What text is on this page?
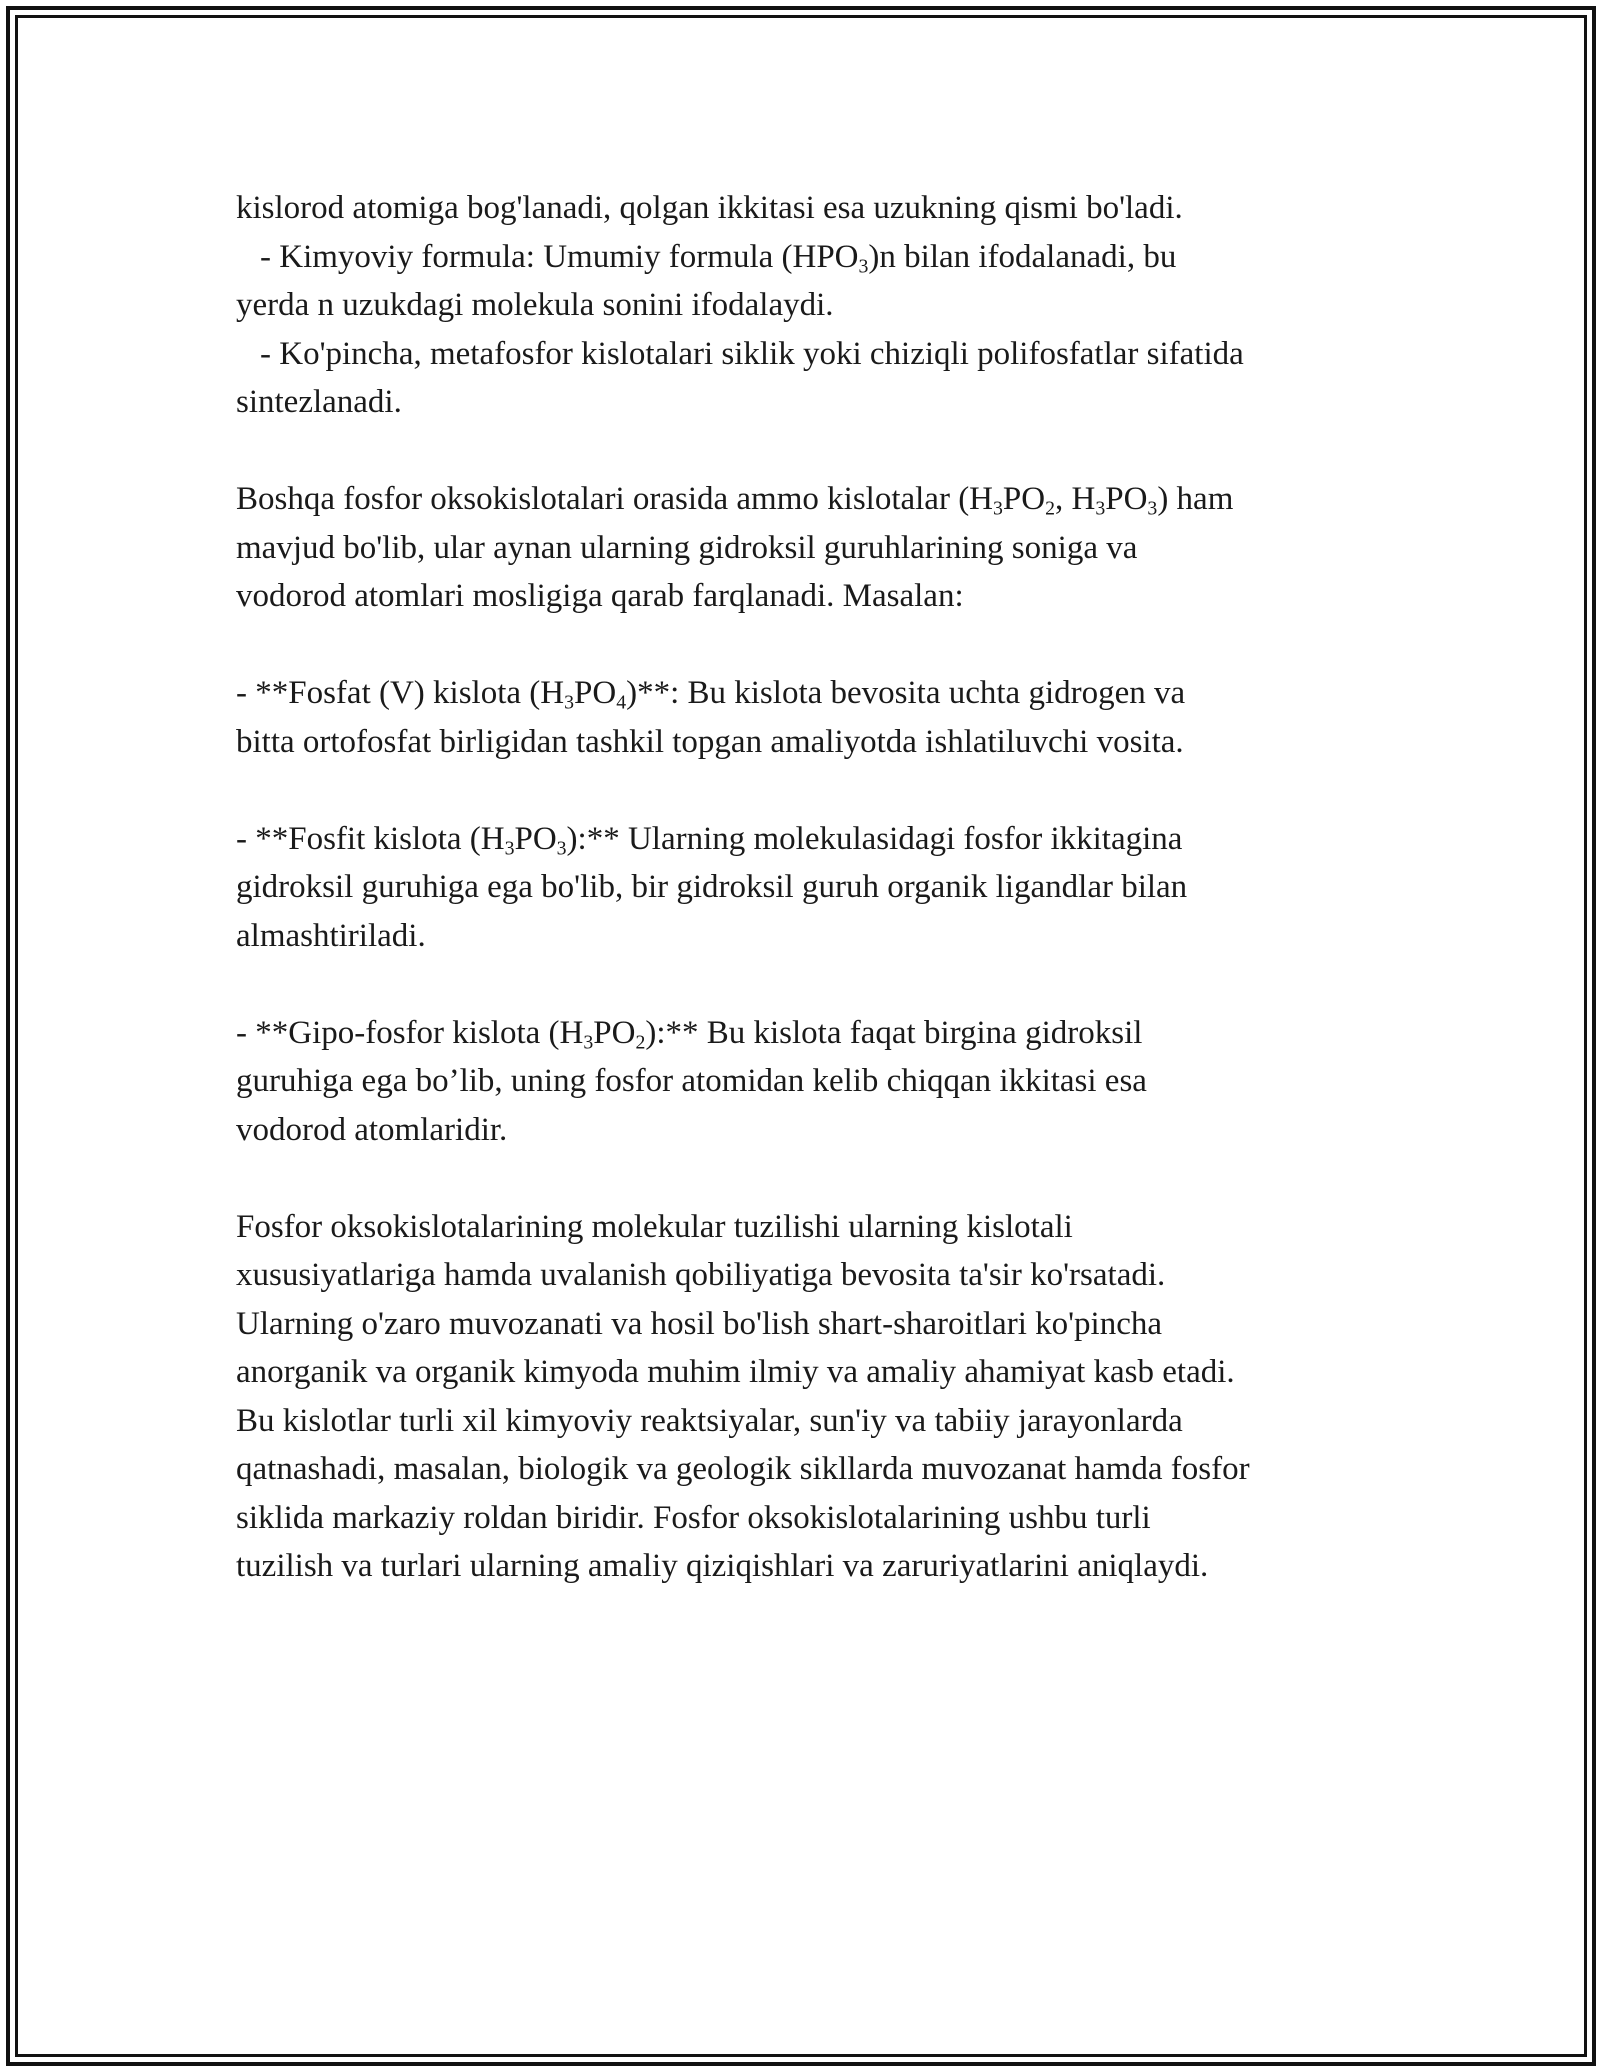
kislorod atomiga bog'lanadi, qolgan ikkitasi esa uzukning qismi bo'ladi.
- Kimyoviy formula: Umumiy formula $(HPO_3)n$ bilan ifodalanadi, bu
yerda n uzukdagi molekula sonini ifodalaydi.
- Ko'pincha, metafosfor kislotalari siklik yoki chiziqli polifosfatlar sifatida
sintezlanadi.
Boshqa fosfor oksokislotalari orasida ammo kislotalar ($H_3PO_2$, $H_3PO_3$) ham
mavjud bo'lib, ular aynan ularning gidroksil guruhlarining soniga va
vodorod atomlari mosligiga qarab farqlanadi. Masalan:
- **Fosfat (V) kislota $(H_3PO_4)**$: Bu kislota bevosita uchta gidrogen va
bitta ortofosfat birligidan tashkil topgan amaliyotda ishlatiluvchi vosita.
- **Fosfit kislota $(H_3PO_3):**$ Ularning molekulasidagi fosfor ikkitagina
gidroksil guruhiga ega bo'lib, bir gidroksil guruh organik ligandlar bilan
almashtiriladi.
- **Gipo-fosfor kislota $(H_3PO_2):**$ Bu kislota faqat birgina gidroksil
guruhiga ega bo’lib, uning fosfor atomidan kelib chiqqan ikkitasi esa
vodorod atomlaridir.
Fosfor oksokislotalarining molekular tuzilishi ularning kislotali
xususiyatlariga hamda uvalanish qobiliyatiga bevosita ta'sir ko'rsatadi.
Ularning o'zaro muvozanati va hosil bo'lish shart-sharoitlari ko'pincha
anorganik va organik kimyoda muhim ilmiy va amaliy ahamiyat kasb etadi.
Bu kislotlar turli xil kimyoviy reaktsiyalar, sun'iy va tabiiy jarayonlarda
qatnashadi, masalan, biologik va geologik sikllarda muvozanat hamda fosfor
siklida markaziy roldan biridir. Fosfor oksokislotalarining ushbu turli
tuzilish va turlari ularning amaliy qiziqishlari va zaruriyatlarini aniqlaydi.
